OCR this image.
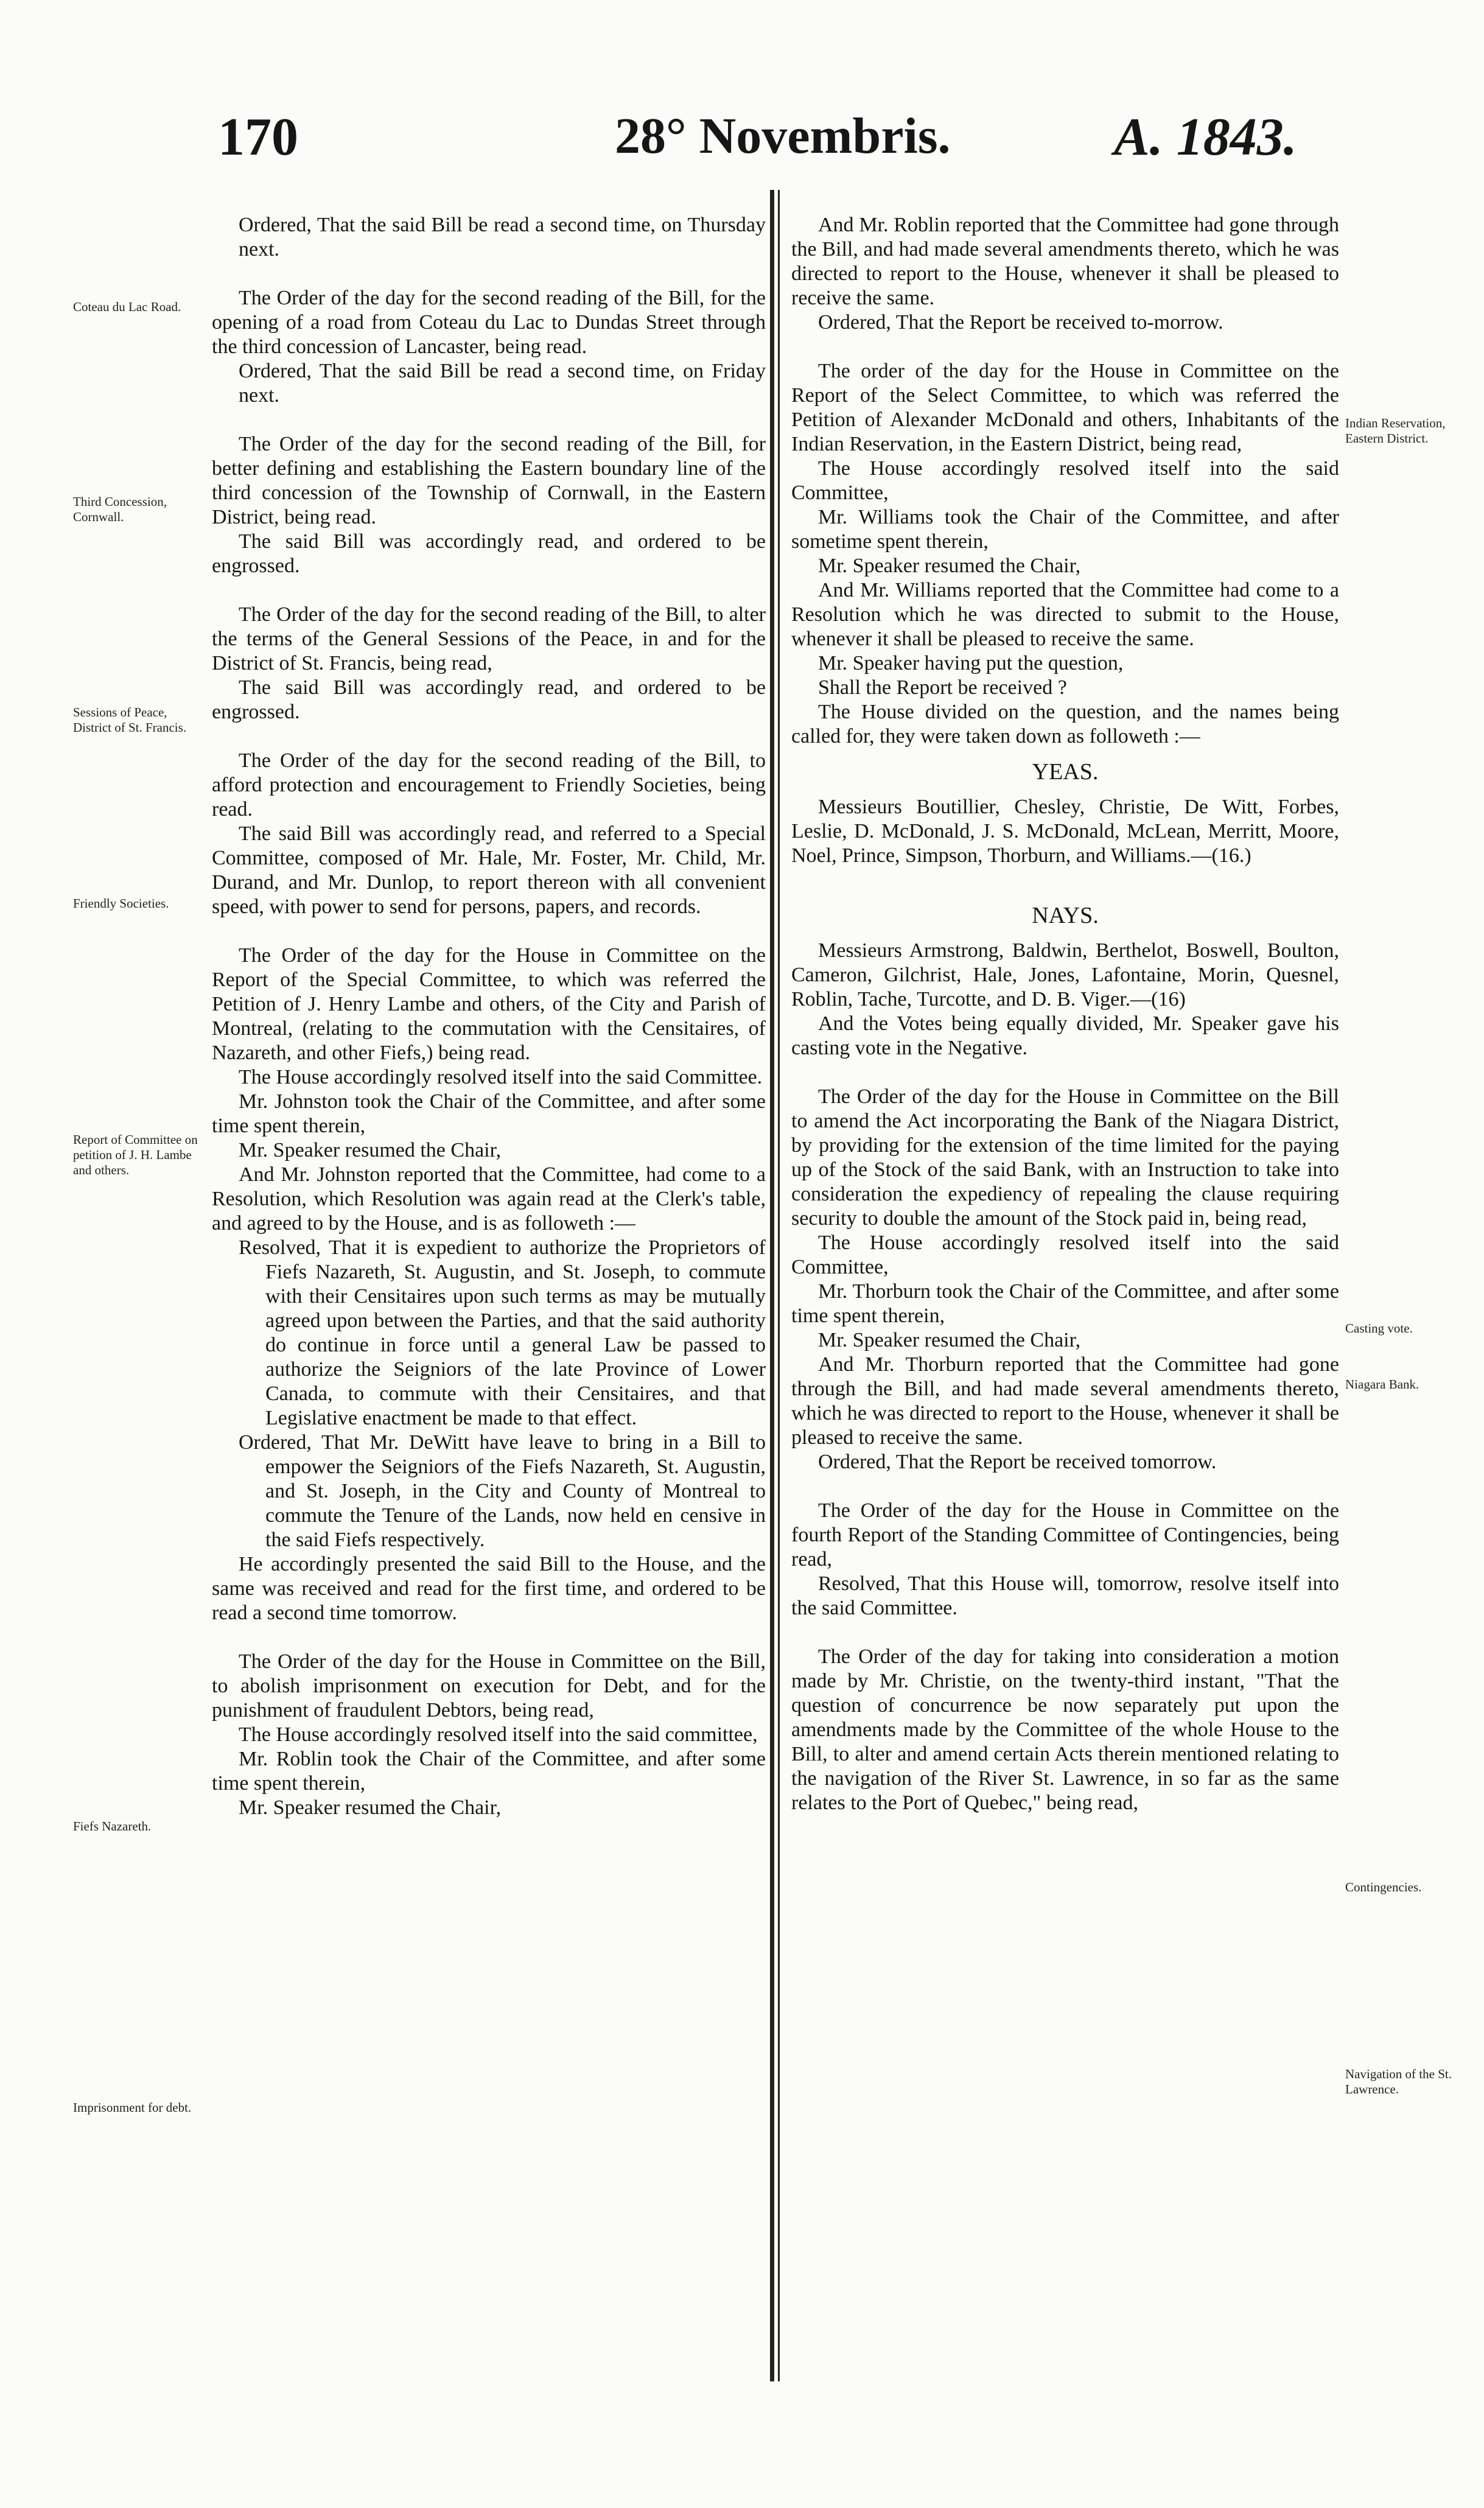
170	28° Novembris.	A. 1843.
Coteau du Lac Road.
Third Concession, Cornwall.
Sessions of Peace, District of St. Francis.
Friendly Societies.
Report of Committee on petition of J. H. Lambe and others.
Fiefs Nazareth.
Imprisonment for debt.
Indian Reservation, Eastern District.
Casting vote.
Niagara Bank.
Contingencies.
Navigation of the St. Lawrence.

Ordered, That the said Bill be read a second time, on Thursday next.

The Order of the day for the second reading of the Bill, for the opening of a road from Coteau du Lac to Dundas Street through the third concession of Lancaster, being read.

Ordered, That the said Bill be read a second time, on Friday next.

The Order of the day for the second reading of the Bill, for better defining and establishing the Eastern boundary line of the third concession of the Township of Cornwall, in the Eastern District, being read.

The said Bill was accordingly read, and ordered to be engrossed.

The Order of the day for the second reading of the Bill, to alter the terms of the General Sessions of the Peace, in and for the District of St. Francis, being read,

The said Bill was accordingly read, and ordered to be engrossed.

The Order of the day for the second reading of the Bill, to afford protection and encouragement to Friendly Societies, being read.

The said Bill was accordingly read, and referred to a Special Committee, composed of Mr. Hale, Mr. Foster, Mr. Child, Mr. Durand, and Mr. Dunlop, to report thereon with all convenient speed, with power to send for persons, papers, and records.

The Order of the day for the House in Committee on the Report of the Special Committee, to which was referred the Petition of J. Henry Lambe and others, of the City and Parish of Montreal, (relating to the commutation with the Censitaires, of Nazareth, and other Fiefs,) being read.

The House accordingly resolved itself into the said Committee.

Mr. Johnston took the Chair of the Committee, and after some time spent therein,

Mr. Speaker resumed the Chair,

And Mr. Johnston reported that the Committee, had come to a Resolution, which Resolution was again read at the Clerk's table, and agreed to by the House, and is as followeth :—

Resolved, That it is expedient to authorize the Proprietors of Fiefs Nazareth, St. Augustin, and St. Joseph, to commute with their Censitaires upon such terms as may be mutually agreed upon between the Parties, and that the said authority do continue in force until a general Law be passed to authorize the Seigniors of the late Province of Lower Canada, to commute with their Censitaires, and that Legislative enactment be made to that effect.

Ordered, That Mr. DeWitt have leave to bring in a Bill to empower the Seigniors of the Fiefs Nazareth, St. Augustin, and St. Joseph, in the City and County of Montreal to commute the Tenure of the Lands, now held en censive in the said Fiefs respectively.

He accordingly presented the said Bill to the House, and the same was received and read for the first time, and ordered to be read a second time tomorrow.

The Order of the day for the House in Committee on the Bill, to abolish imprisonment on execution for Debt, and for the punishment of fraudulent Debtors, being read,

The House accordingly resolved itself into the said committee,

Mr. Roblin took the Chair of the Committee, and after some time spent therein,

Mr. Speaker resumed the Chair,

And Mr. Roblin reported that the Committee had gone through the Bill, and had made several amendments thereto, which he was directed to report to the House, whenever it shall be pleased to receive the same.

Ordered, That the Report be received to-morrow.

The order of the day for the House in Committee on the Report of the Select Committee, to which was referred the Petition of Alexander McDonald and others, Inhabitants of the Indian Reservation, in the Eastern District, being read,

The House accordingly resolved itself into the said Committee,

Mr. Williams took the Chair of the Committee, and after sometime spent therein,

Mr. Speaker resumed the Chair,

And Mr. Williams reported that the Committee had come to a Resolution which he was directed to submit to the House, whenever it shall be pleased to receive the same.

Mr. Speaker having put the question,

Shall the Report be received ?

The House divided on the question, and the names being called for, they were taken down as followeth :—

YEAS.

Messieurs Boutillier, Chesley, Christie, De Witt, Forbes, Leslie, D. McDonald, J. S. McDonald, McLean, Merritt, Moore, Noel, Prince, Simpson, Thorburn, and Williams.—(16.)

NAYS.

Messieurs Armstrong, Baldwin, Berthelot, Boswell, Boulton, Cameron, Gilchrist, Hale, Jones, Lafontaine, Morin, Quesnel, Roblin, Tache, Turcotte, and D. B. Viger.—(16)

And the Votes being equally divided, Mr. Speaker gave his casting vote in the Negative.

The Order of the day for the House in Committee on the Bill to amend the Act incorporating the Bank of the Niagara District, by providing for the extension of the time limited for the paying up of the Stock of the said Bank, with an Instruction to take into consideration the expediency of repealing the clause requiring security to double the amount of the Stock paid in, being read,

The House accordingly resolved itself into the said Committee,

Mr. Thorburn took the Chair of the Committee, and after some time spent therein,

Mr. Speaker resumed the Chair,

And Mr. Thorburn reported that the Committee had gone through the Bill, and had made several amendments thereto, which he was directed to report to the House, whenever it shall be pleased to receive the same.

Ordered, That the Report be received tomorrow.

The Order of the day for the House in Committee on the fourth Report of the Standing Committee of Contingencies, being read,

Resolved, That this House will, tomorrow, resolve itself into the said Committee.

The Order of the day for taking into consideration a motion made by Mr. Christie, on the twenty-third instant, "That the question of concurrence be now separately put upon the amendments made by the Committee of the whole House to the Bill, to alter and amend certain Acts therein mentioned relating to the navigation of the River St. Lawrence, in so far as the same relates to the Port of Quebec," being read,
